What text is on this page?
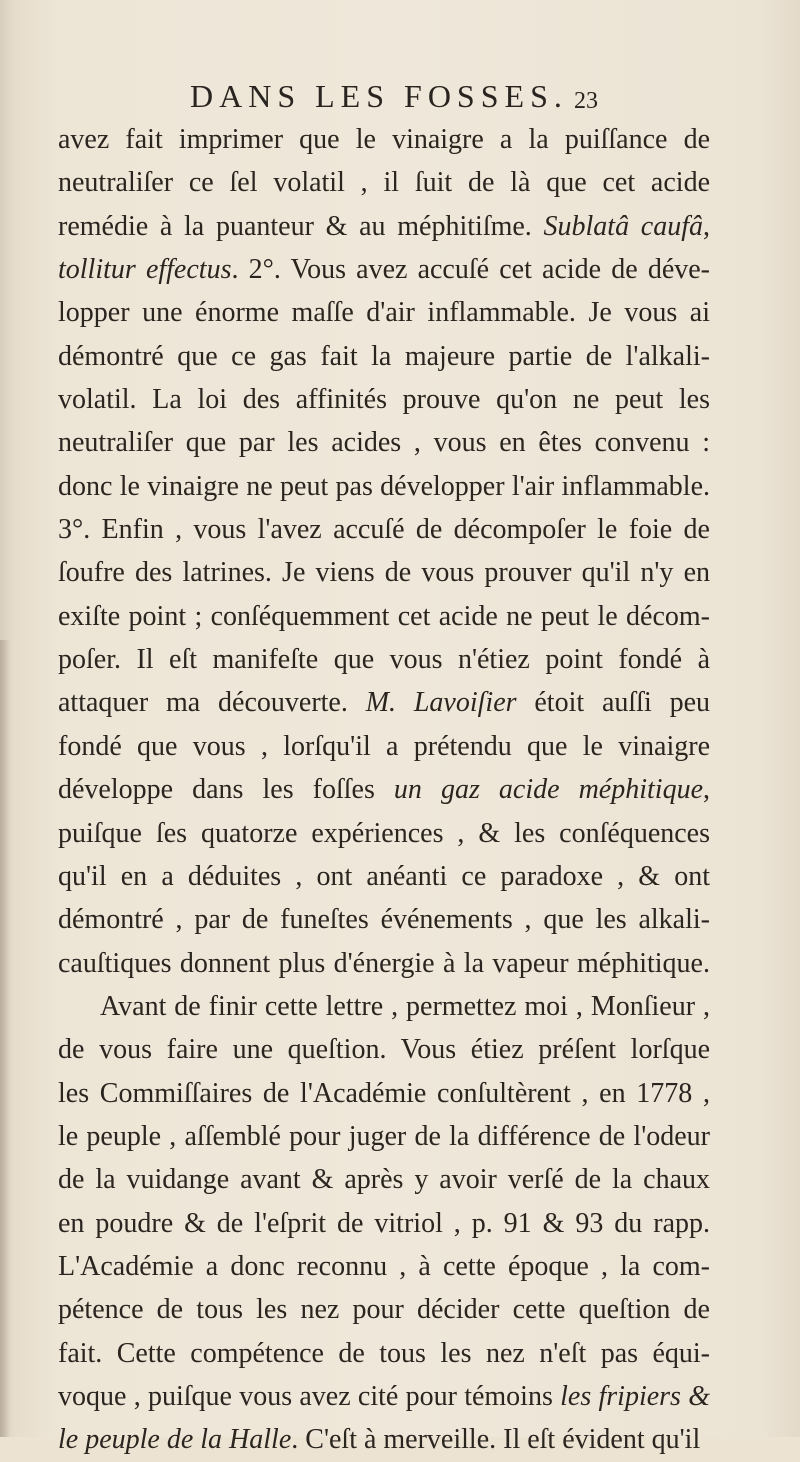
DANS LES FOSSES. 23
avez fait imprimer que le vinaigre a la puiſſance de
neutraliſer ce ſel volatil , il ſuit de là que cet acide
remédie à la puanteur & au méphitiſme. Sublatâ caufâ,
tollitur effectus. 2°. Vous avez accuſé cet acide de déve-
lopper une énorme maſſe d'air inflammable. Je vous ai
démontré que ce gas fait la majeure partie de l'alkali-
volatil. La loi des affinités prouve qu'on ne peut les
neutraliſer que par les acides , vous en êtes convenu :
donc le vinaigre ne peut pas développer l'air inflammable.
3°. Enfin , vous l'avez accuſé de décompoſer le foie de
ſoufre des latrines. Je viens de vous prouver qu'il n'y en
exiſte point ; conſéquemment cet acide ne peut le décom-
poſer. Il eſt manifeſte que vous n'étiez point fondé à
attaquer ma découverte. M. Lavoiſier étoit auſſi peu
fondé que vous , lorſqu'il a prétendu que le vinaigre
développe dans les foſſes un gaz acide méphitique,
puiſque ſes quatorze expériences , & les conſéquences
qu'il en a déduites , ont anéanti ce paradoxe , & ont
démontré , par de funeſtes événements , que les alkali-
cauſtiques donnent plus d'énergie à la vapeur méphitique.
Avant de finir cette lettre , permettez moi , Monſieur ,
de vous faire une queſtion. Vous étiez préſent lorſque
les Commiſſaires de l'Académie conſultèrent , en 1778 ,
le peuple , aſſemblé pour juger de la différence de l'odeur
de la vuidange avant & après y avoir verſé de la chaux
en poudre & de l'eſprit de vitriol , p. 91 & 93 du rapp.
L'Académie a donc reconnu , à cette époque , la com-
pétence de tous les nez pour décider cette queſtion de
fait. Cette compétence de tous les nez n'eſt pas équi-
voque , puiſque vous avez cité pour témoins les fripiers &
le peuple de la Halle. C'eſt à merveille. Il eſt évident qu'il
